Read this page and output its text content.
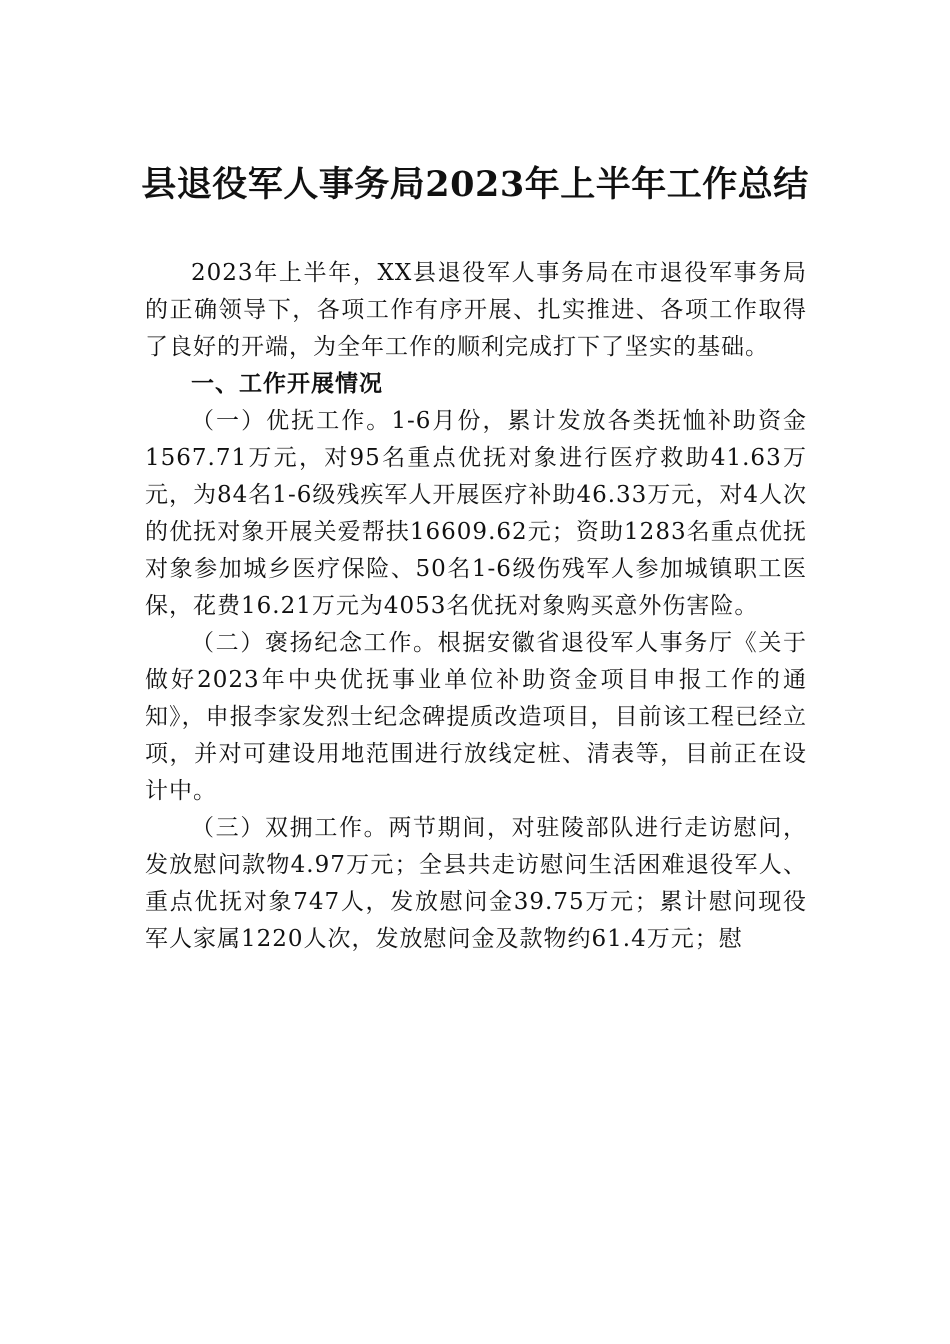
县退役军人事务局2023年上半年工作总结

2023年上半年，XX县退役军人事务局在市退役军事务局的正确领导下，各项工作有序开展、扎实推进、各项工作取得了良好的开端，为全年工作的顺利完成打下了坚实的基础。

一、工作开展情况

（一）优抚工作。1-6月份，累计发放各类抚恤补助资金1567.71万元，对95名重点优抚对象进行医疗救助41.63万元，为84名1-6级残疾军人开展医疗补助46.33万元，对4人次的优抚对象开展关爱帮扶16609.62元；资助1283名重点优抚对象参加城乡医疗保险、50名1-6级伤残军人参加城镇职工医保，花费16.21万元为4053名优抚对象购买意外伤害险。

（二）褒扬纪念工作。根据安徽省退役军人事务厅《关于做好2023年中央优抚事业单位补助资金项目申报工作的通知》，申报李家发烈士纪念碑提质改造项目，目前该工程已经立项，并对可建设用地范围进行放线定桩、清表等，目前正在设计中。

（三）双拥工作。两节期间，对驻陵部队进行走访慰问，发放慰问款物4.97万元；全县共走访慰问生活困难退役军人、重点优抚对象747人，发放慰问金39.75万元；累计慰问现役军人家属1220人次，发放慰问金及款物约61.4万元；慰
